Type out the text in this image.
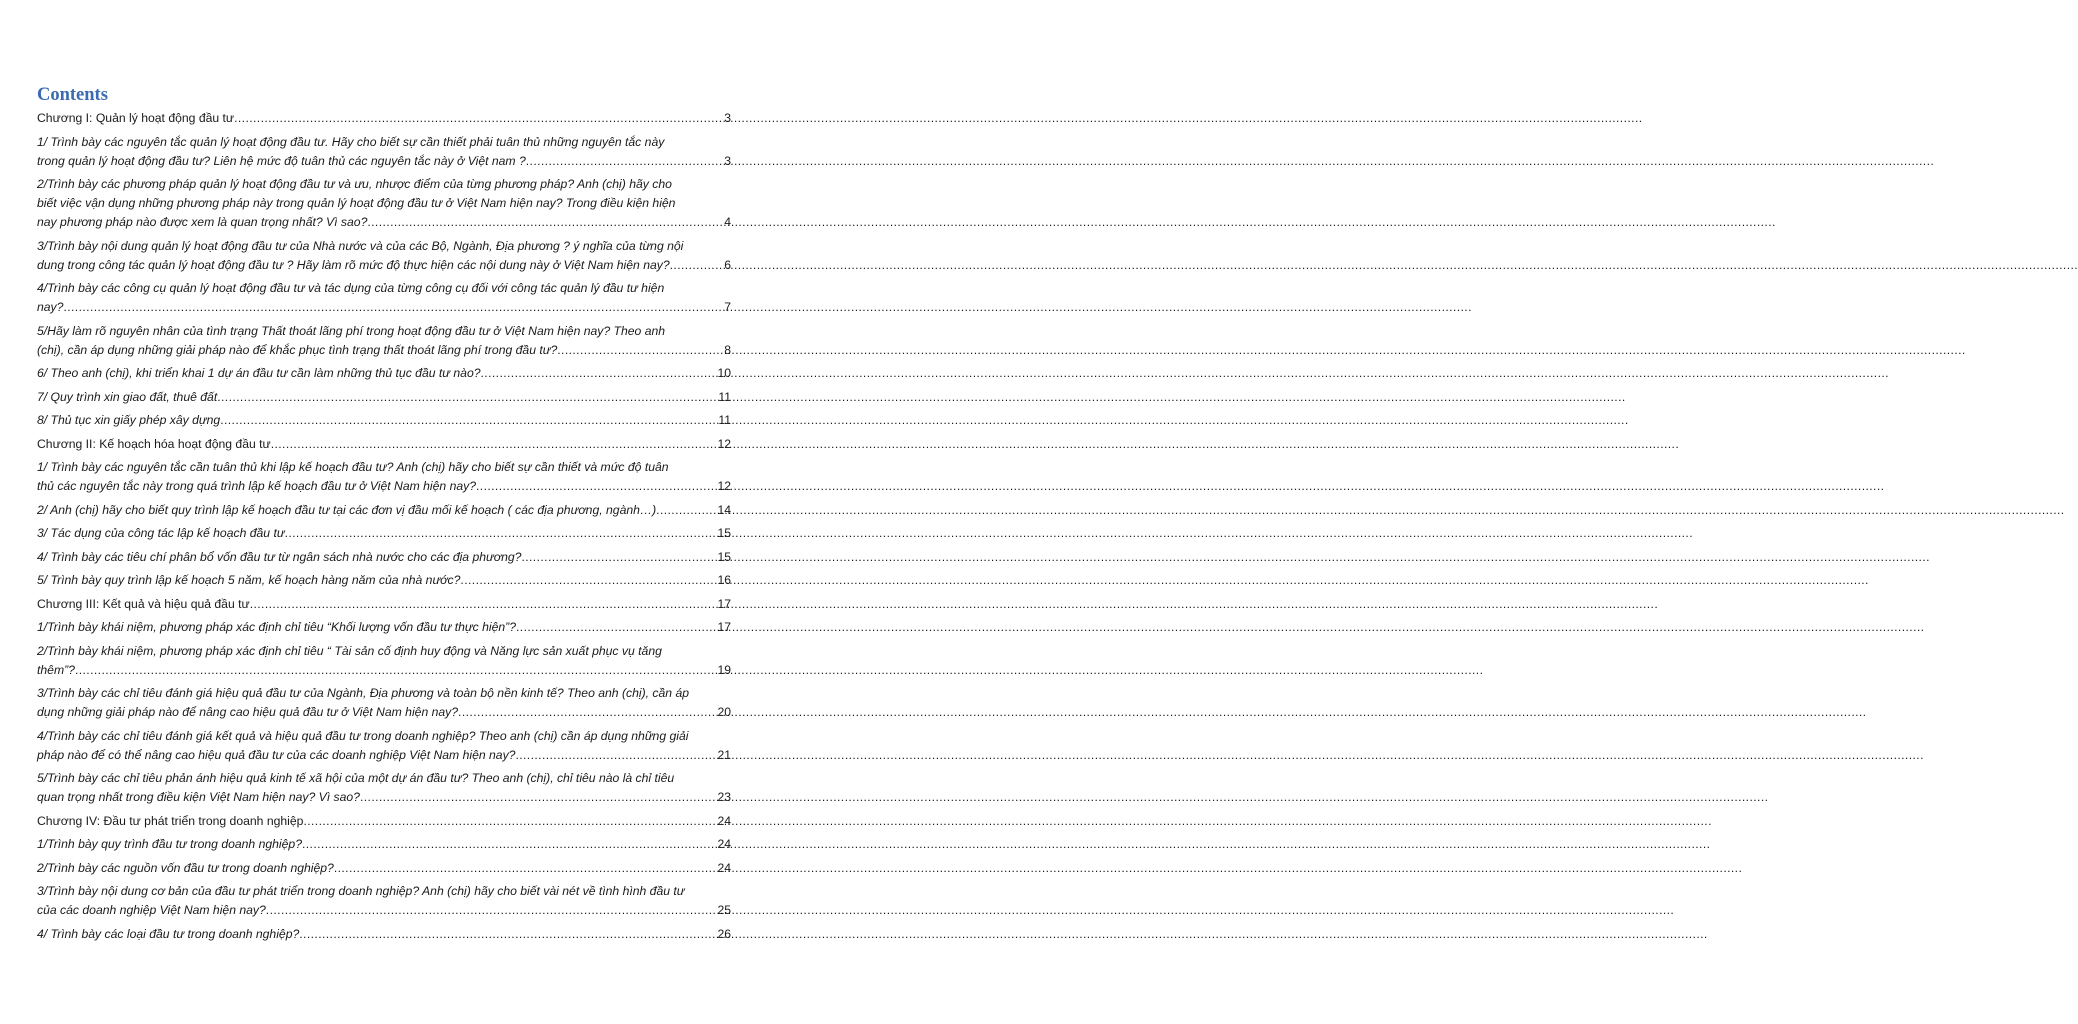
Contents
Chương I: Quản lý hoạt động đầu tư .....	3
1/ Trình bày các nguyên tắc quản lý hoạt động đầu tư. Hãy cho biết sự cần thiết phải tuân thủ những nguyên tắc này
trong quản lý hoạt động đầu tư? Liên hệ mức độ tuân thủ các nguyên tắc này ở Việt nam ? .....	3
2/Trình bày các phương pháp quản lý hoạt động đầu tư và ưu, nhược điểm của từng phương pháp? Anh (chị) hãy cho
biết việc vận dụng những phương pháp này trong quản lý hoạt động đầu tư ở Việt Nam hiện nay? Trong điều kiện hiện
nay phương pháp nào được xem là quan trọng nhất? Vì sao? .....	4
3/Trình bày nội dung quản lý hoạt động đầu tư của Nhà nước và của các Bộ, Ngành, Địa phương ? ý nghĩa của từng nội
dung trong công tác quản lý hoạt động đầu tư ? Hãy làm rõ mức độ thực hiện các nội dung này ở Việt Nam hiện nay? .....	6
4/Trình bày các công cụ quản lý hoạt động đầu tư và tác dụng của từng công cụ đối với công tác quản lý đầu tư hiện
nay? .....	7
5/Hãy làm rõ nguyên nhân của tình trạng Thất thoát lãng phí trong hoạt động đầu tư ở Việt Nam hiện nay? Theo anh
(chị), cần áp dụng những giải pháp nào để khắc phục tình trạng thất thoát lãng phí trong đầu tư? .....	8
6/ Theo anh (chị), khi triển khai 1 dự án đầu tư cần làm những thủ tục đầu tư nào? .....	10
7/ Quy trình xin giao đất, thuê đất .....	11
8/ Thủ tục xin giấy phép xây dựng .....	11
Chương II: Kế hoạch hóa hoạt động đầu tư .....	12
1/ Trình bày các nguyên tắc cần tuân thủ khi lập kế hoạch đầu tư? Anh (chị) hãy cho biết sự cần thiết và mức độ tuân
thủ các nguyên tắc này trong quá trình lập kế hoạch đầu tư ở Việt Nam hiện nay? .....	12
2/ Anh (chị) hãy cho biết quy trình lập kế hoạch đầu tư tại các đơn vị đầu mối kế hoạch ( các địa phương, ngành…) .....	14
3/ Tác dụng của công tác lập kế hoạch đầu tư .....	15
4/ Trình bày các tiêu chí phân bổ vốn đầu tư từ ngân sách nhà nước cho các địa phương? .....	15
5/ Trình bày quy trình lập kế hoạch 5 năm, kế hoạch hàng năm của nhà nước? .....	16
Chương III: Kết quả và hiệu quả đầu tư .....	17
1/Trình bày khái niệm, phương pháp xác định chỉ tiêu “Khối lượng vốn đầu tư thực hiện”? .....	17
2/Trình bày khái niệm, phương pháp xác định chỉ tiêu “ Tài sản cố định huy động và Năng lực sản xuất phục vụ tăng
thêm”? .....	19
3/Trình bày các chỉ tiêu đánh giá hiệu quả đầu tư của Ngành, Địa phương và toàn bộ nền kinh tế? Theo anh (chị), cần áp
dụng những giải pháp nào để nâng cao hiệu quả đầu tư ở Việt Nam hiện nay? .....	20
4/Trình bày các chỉ tiêu đánh giá kết quả và hiệu quả đầu tư trong doanh nghiệp? Theo anh (chị) cần áp dụng những giải
pháp nào để có thể nâng cao hiệu quả đầu tư của các doanh nghiệp Việt Nam hiện nay? .....	21
5/Trình bày các chỉ tiêu phản ánh hiệu quả kinh tế xã hội của một dự án đầu tư? Theo anh (chị), chỉ tiêu nào là chỉ tiêu
quan trọng nhất trong điều kiện Việt Nam hiện nay? Vì sao? .....	23
Chương IV: Đầu tư phát triển trong doanh nghiệp .....	24
1/Trình bày quy trình đầu tư trong doanh nghiệp? .....	24
2/Trình bày các nguồn vốn đầu tư trong doanh nghiệp? .....	24
3/Trình bày nội dung cơ bản của đầu tư phát triển trong doanh nghiệp? Anh (chị) hãy cho biết vài nét về tình hình đầu tư
của các doanh nghiệp Việt Nam hiện nay? .....	25
4/ Trình bày các loại đầu tư trong doanh nghiệp? .....	26
